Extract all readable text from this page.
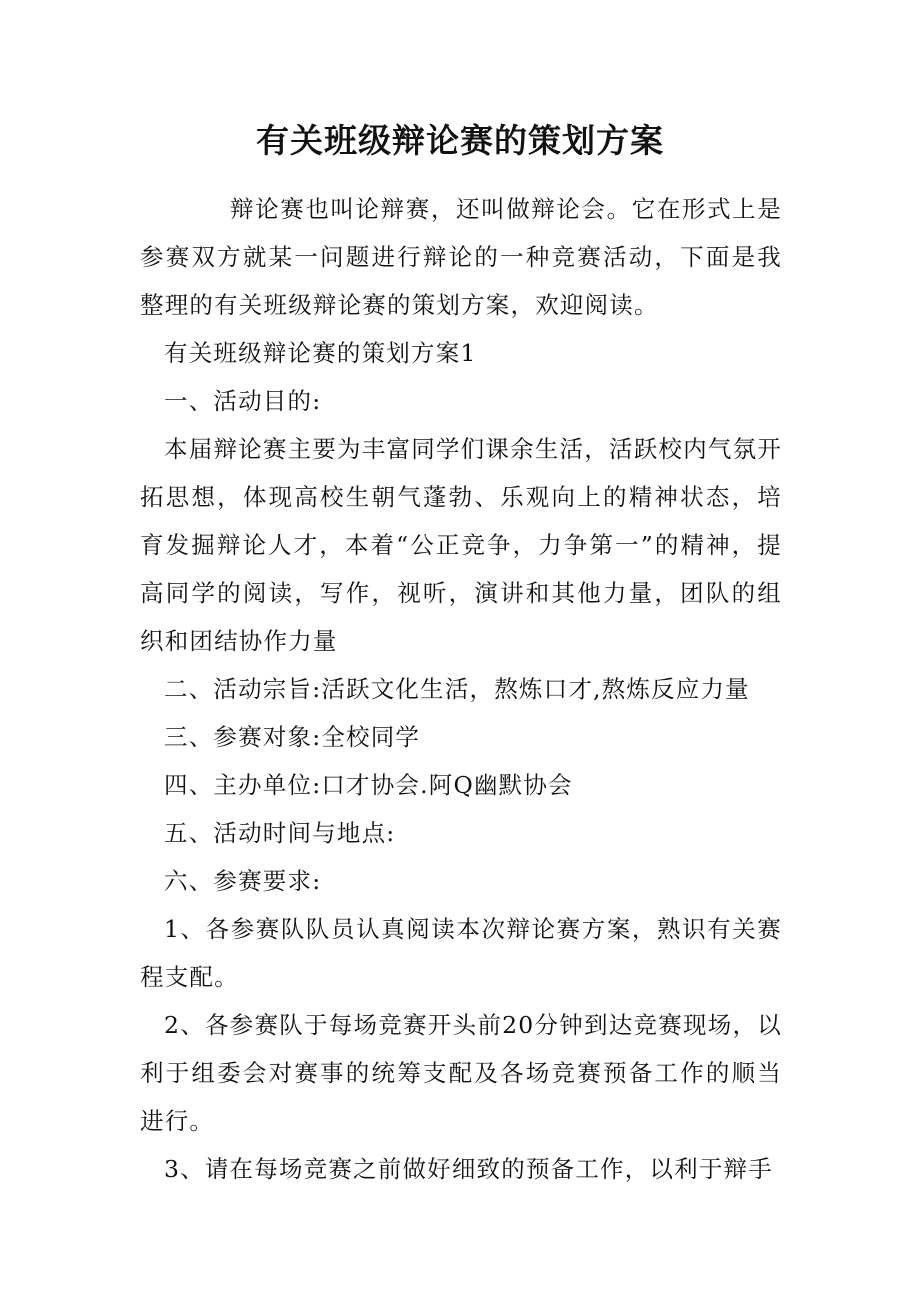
有关班级辩论赛的策划方案

辩论赛也叫论辩赛，还叫做辩论会。它在形式上是参赛双方就某一问题进行辩论的一种竞赛活动，下面是我整理的有关班级辩论赛的策划方案，欢迎阅读。

有关班级辩论赛的策划方案1

一、活动目的:

本届辩论赛主要为丰富同学们课余生活，活跃校内气氛开拓思想，体现高校生朝气蓬勃、乐观向上的精神状态，培育发掘辩论人才，本着“公正竞争，力争第一”的精神，提高同学的阅读，写作，视听，演讲和其他力量，团队的组织和团结协作力量

二、活动宗旨:活跃文化生活，熬炼口才,熬炼反应力量

三、参赛对象:全校同学

四、主办单位:口才协会.阿Q幽默协会

五、活动时间与地点:

六、参赛要求:

1、各参赛队队员认真阅读本次辩论赛方案，熟识有关赛程支配。

2、各参赛队于每场竞赛开头前20分钟到达竞赛现场，以利于组委会对赛事的统筹支配及各场竞赛预备工作的顺当进行。

3、请在每场竞赛之前做好细致的预备工作，以利于辩手
